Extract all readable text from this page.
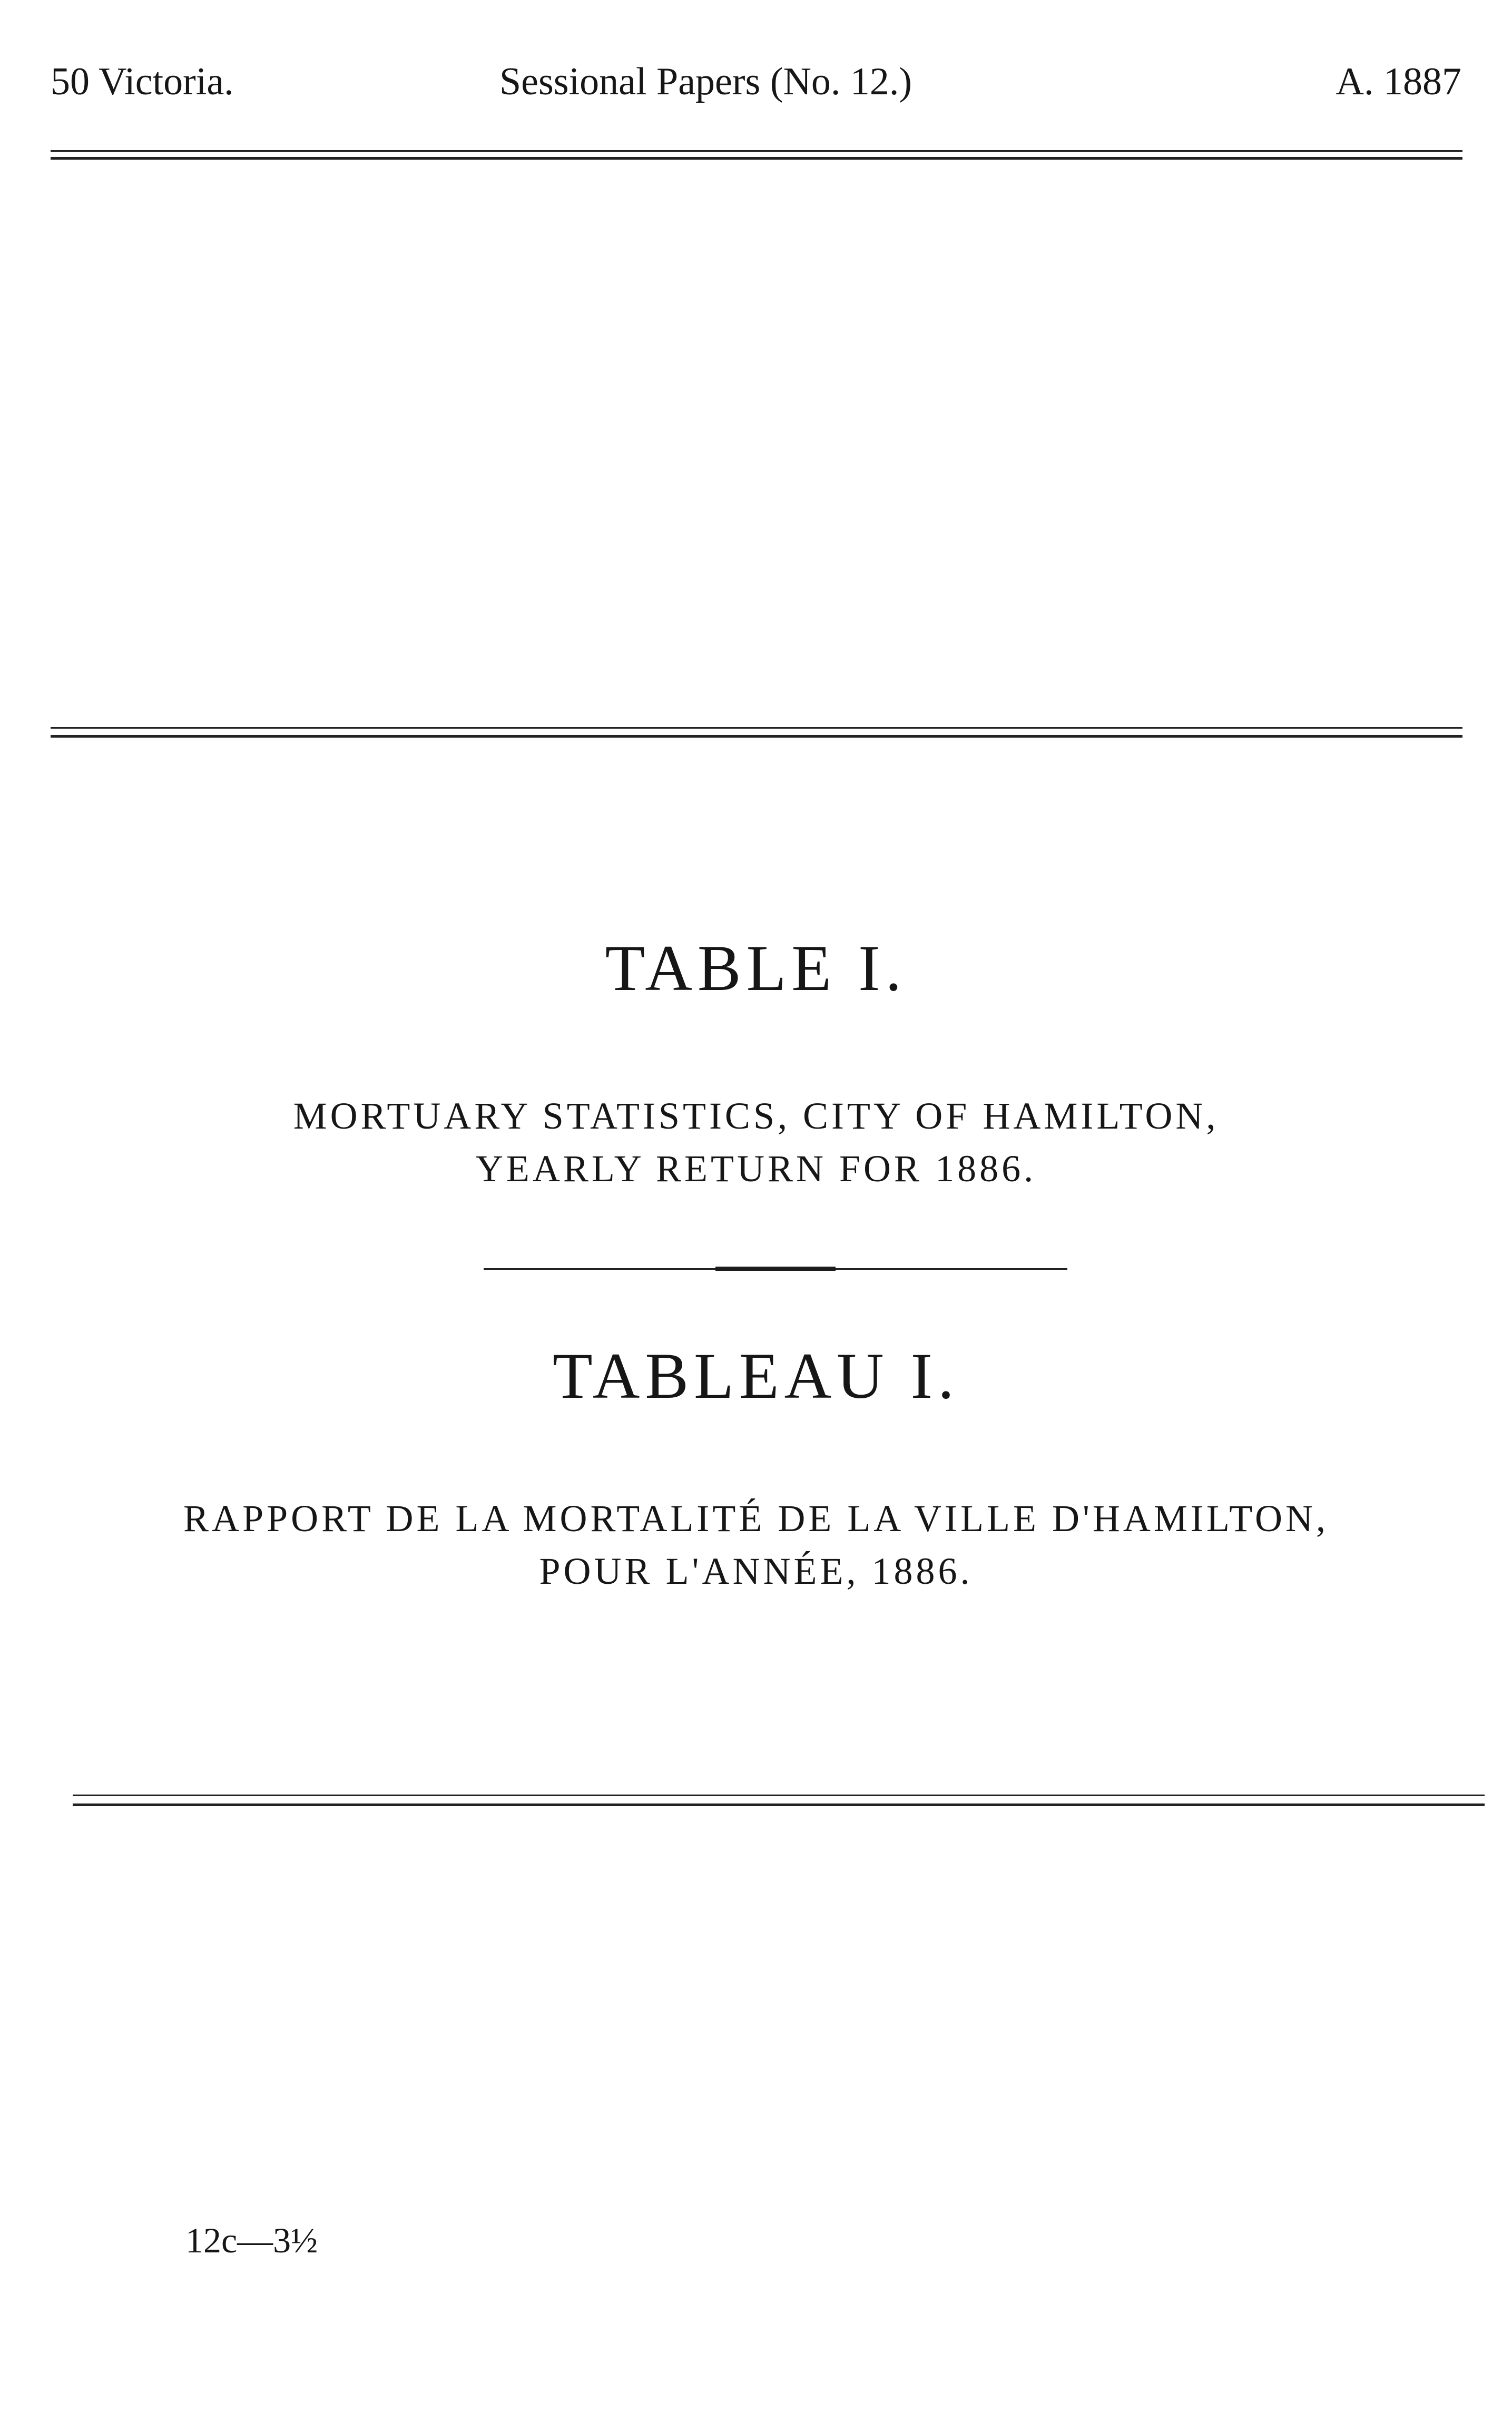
50 Victoria.	Sessional Papers (No. 12.)	A. 1887
TABLE I.
MORTUARY STATISTICS, CITY OF HAMILTON,
YEARLY RETURN FOR 1886.
TABLEAU I.
RAPPORT DE LA MORTALITÉ DE LA VILLE D'HAMILTON,
POUR L'ANNÉE, 1886.
12c—3½
